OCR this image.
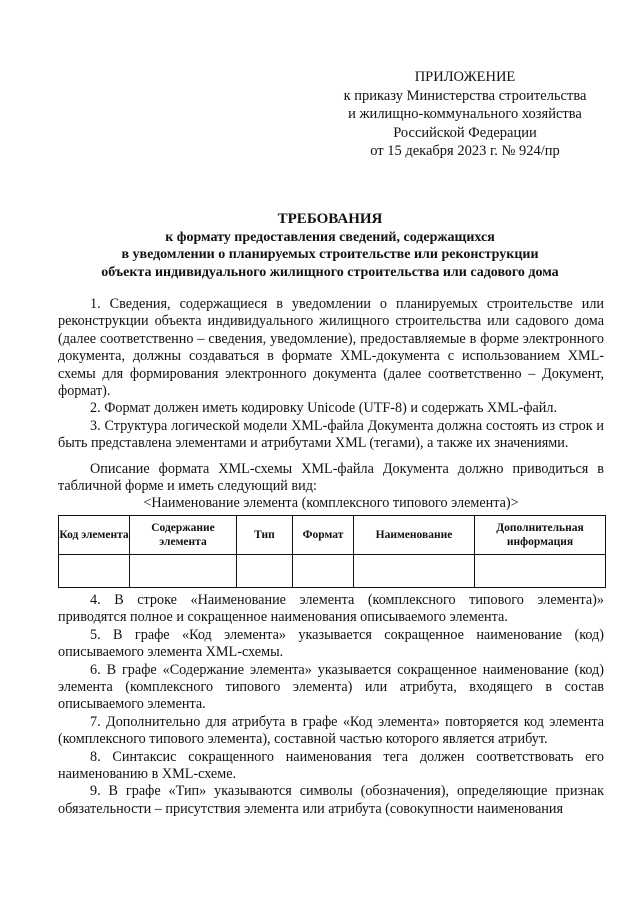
ПРИЛОЖЕНИЕ
к приказу Министерства строительства
и жилищно-коммунального хозяйства
Российской Федерации
от 15 декабря 2023 г. № 924/пр
ТРЕБОВАНИЯ
к формату предоставления сведений, содержащихся
в уведомлении о планируемых строительстве или реконструкции
объекта индивидуального жилищного строительства или садового дома

1. Сведения, содержащиеся в уведомлении о планируемых строительстве или реконструкции объекта индивидуального жилищного строительства или садового дома (далее соответственно – сведения, уведомление), предоставляемые в форме электронного документа, должны создаваться в формате XML-документа с использованием XML-схемы для формирования электронного документа (далее соответственно – Документ, формат).

2. Формат должен иметь кодировку Unicode (UTF-8) и содержать XML-файл.

3. Структура логической модели XML-файла Документа должна состоять из строк и быть представлена элементами и атрибутами XML (тегами), а также их значениями.

Описание формата XML-схемы XML-файла Документа должно приводиться в табличной форме и иметь следующий вид:

<Наименование элемента (комплексного типового элемента)>

Код элемента	Содержание элемента	Тип	Формат	Наименование	Дополнительная информация

4. В строке «Наименование элемента (комплексного типового элемента)» приводятся полное и сокращенное наименования описываемого элемента.

5. В графе «Код элемента» указывается сокращенное наименование (код) описываемого элемента XML-схемы.

6. В графе «Содержание элемента» указывается сокращенное наименование (код) элемента (комплексного типового элемента) или атрибута, входящего в состав описываемого элемента.

7. Дополнительно для атрибута в графе «Код элемента» повторяется код элемента (комплексного типового элемента), составной частью которого является атрибут.

8. Синтаксис сокращенного наименования тега должен соответствовать его наименованию в XML-схеме.

9. В графе «Тип» указываются символы (обозначения), определяющие признак обязательности – присутствия элемента или атрибута (совокупности наименования
